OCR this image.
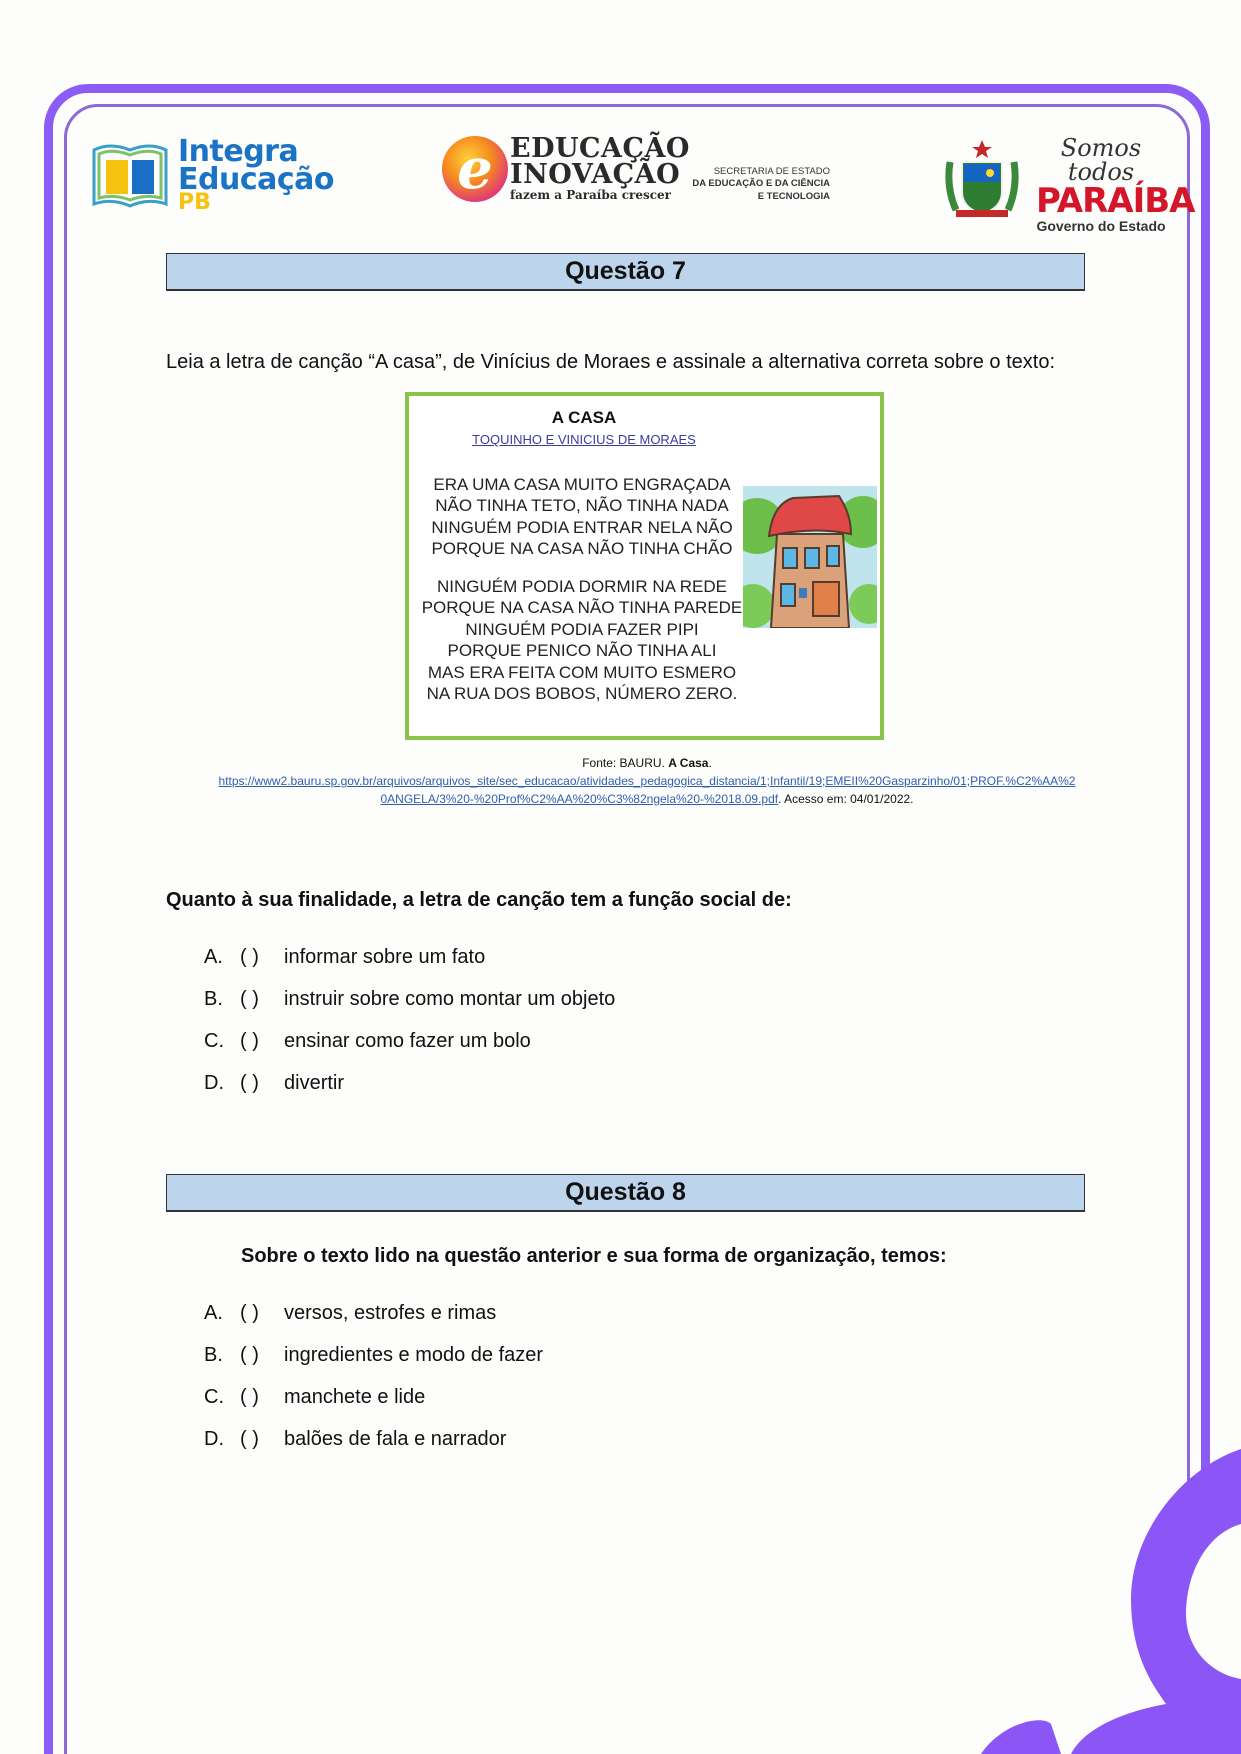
Integra
Educação
PB
e EDUCAÇÃO
INOVAÇÃO
fazem a Paraíba crescer
SECRETARIA DE ESTADO
DA EDUCAÇÃO E DA CIÊNCIA
E TECNOLOGIA
Somos todos
PARAÍBA
Governo do Estado
Questão 7
Leia a letra de canção “A casa”, de Vinícius de Moraes e assinale a alternativa correta sobre o texto:
A CASA
TOQUINHO E VINICIUS DE MORAES
ERA UMA CASA MUITO ENGRAÇADA
NÃO TINHA TETO, NÃO TINHA NADA
NINGUÉM PODIA ENTRAR NELA NÃO
PORQUE NA CASA NÃO TINHA CHÃO
NINGUÉM PODIA DORMIR NA REDE
PORQUE NA CASA NÃO TINHA PAREDE
NINGUÉM PODIA FAZER PIPI
PORQUE PENICO NÃO TINHA ALI
MAS ERA FEITA COM MUITO ESMERO
NA RUA DOS BOBOS, NÚMERO ZERO.
Fonte: BAURU. A Casa.
https://www2.bauru.sp.gov.br/arquivos/arquivos_site/sec_educacao/atividades_pedagogica_distancia/1;Infantil/19;EMEII%20Gasparzinho/01;PROF.%C2%AA%2
0ANGELA/3%20-%20Prof%C2%AA%20%C3%82ngela%20-%2018.09.pdf. Acesso em: 04/01/2022.
Quanto à sua finalidade, a letra de canção tem a função social de:
A. ( )	informar sobre um fato
B. ( )	instruir sobre como montar um objeto
C. ( )	ensinar como fazer um bolo
D. ( )	divertir
Questão 8
Sobre o texto lido na questão anterior e sua forma de organização, temos:
A. ( )	versos, estrofes e rimas
B. ( )	ingredientes e modo de fazer
C. ( )	manchete e lide
D. ( )	balões de fala e narrador
